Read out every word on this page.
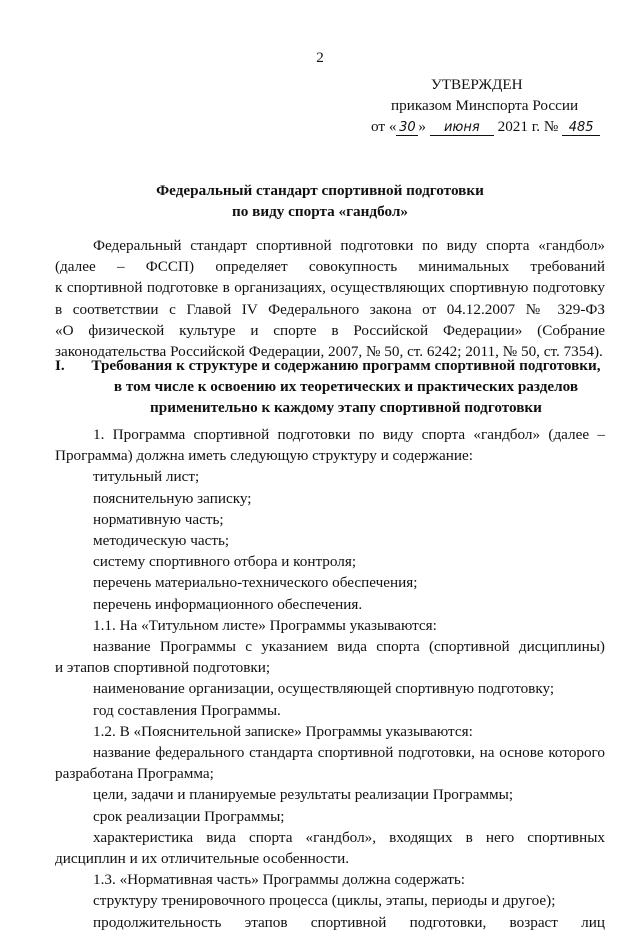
2
УТВЕРЖДЕН
приказом Минспорта России
от « 30 » июня 2021 г. № 485
Федеральный стандарт спортивной подготовки
по виду спорта «гандбол»
Федеральный стандарт спортивной подготовки по виду спорта «гандбол»
(далее – ФССП) определяет совокупность минимальных требований
к спортивной подготовке в организациях, осуществляющих спортивную подготовку
в соответствии с Главой IV Федерального закона от 04.12.2007 № 329-ФЗ
«О физической культуре и спорте в Российской Федерации» (Собрание
законодательства Российской Федерации, 2007, № 50, ст. 6242; 2011, № 50, ст. 7354).
I. Требования к структуре и содержанию программ спортивной подготовки,
в том числе к освоению их теоретических и практических разделов
применительно к каждому этапу спортивной подготовки
1. Программа спортивной подготовки по виду спорта «гандбол» (далее –
Программа) должна иметь следующую структуру и содержание:
титульный лист;
пояснительную записку;
нормативную часть;
методическую часть;
систему спортивного отбора и контроля;
перечень материально-технического обеспечения;
перечень информационного обеспечения.
1.1. На «Титульном листе» Программы указываются:
название Программы с указанием вида спорта (спортивной дисциплины)
и этапов спортивной подготовки;
наименование организации, осуществляющей спортивную подготовку;
год составления Программы.
1.2. В «Пояснительной записке» Программы указываются:
название федерального стандарта спортивной подготовки, на основе которого
разработана Программа;
цели, задачи и планируемые результаты реализации Программы;
срок реализации Программы;
характеристика вида спорта «гандбол», входящих в него спортивных
дисциплин и их отличительные особенности.
1.3. «Нормативная часть» Программы должна содержать:
структуру тренировочного процесса (циклы, этапы, периоды и другое);
продолжительность этапов спортивной подготовки, возраст лиц
